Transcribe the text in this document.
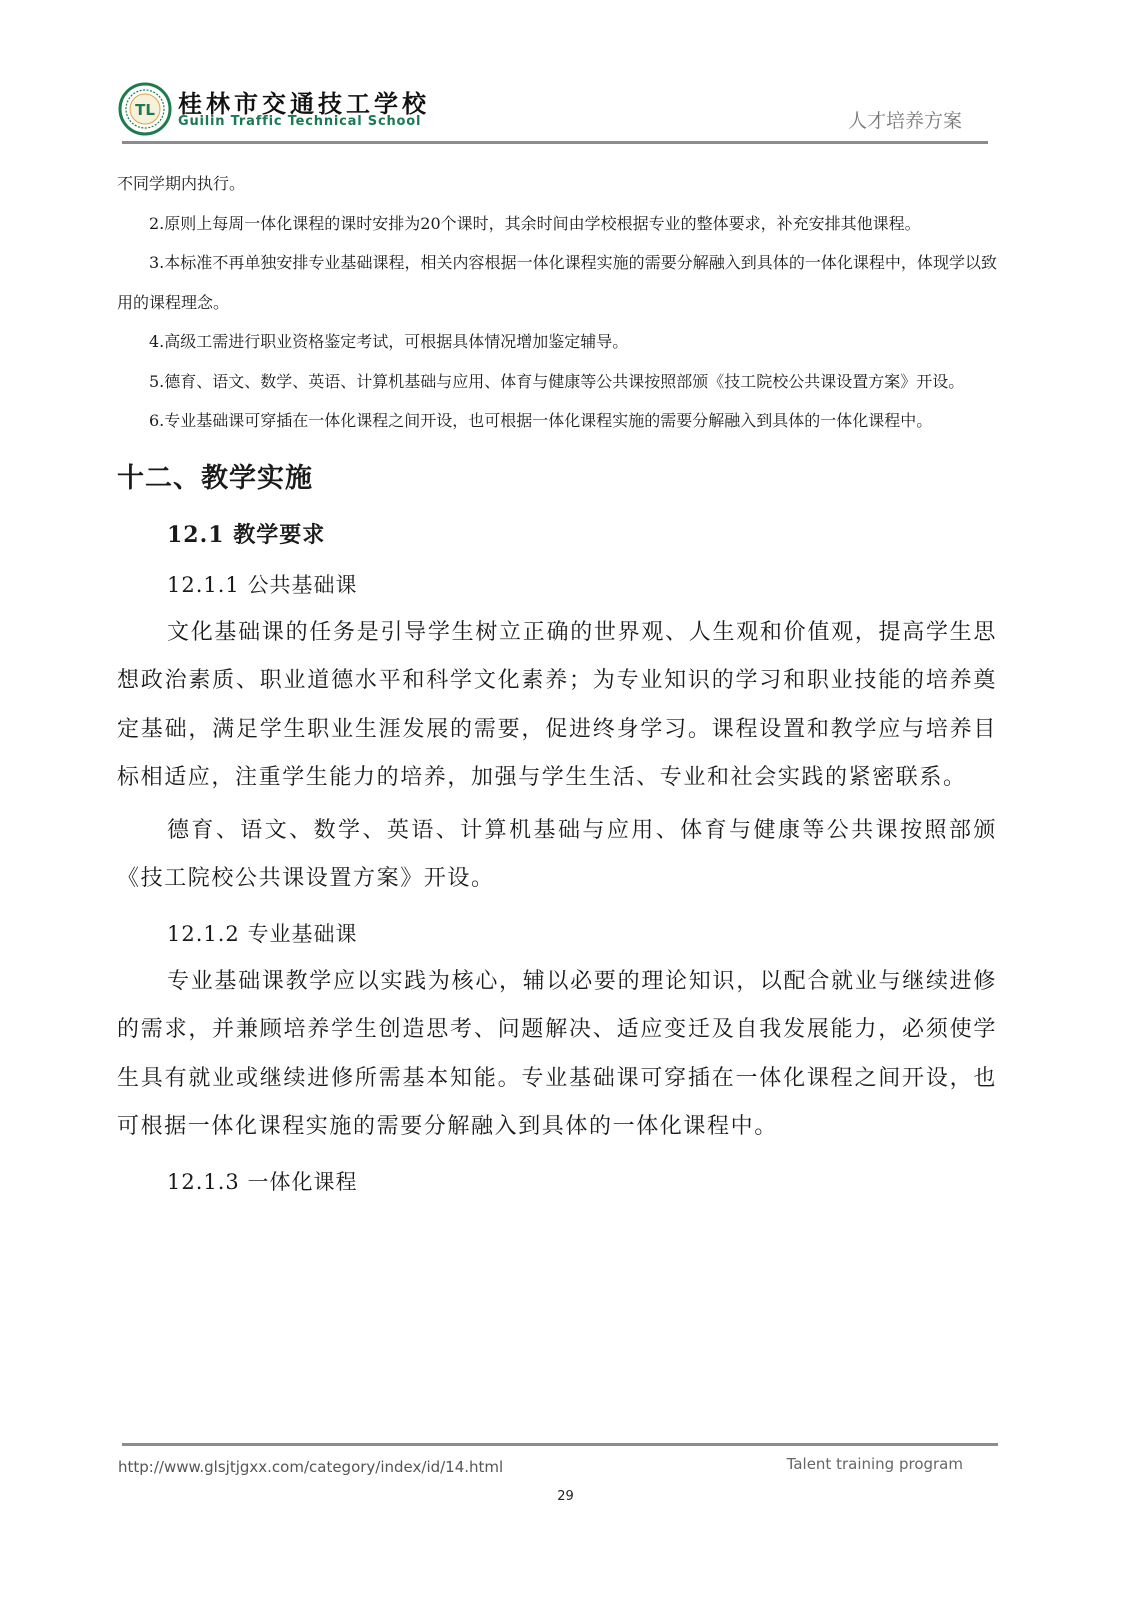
TL 桂林市交通技工学校
Guilin Traffic Technical School	人才培养方案

不同学期内执行。

2.原则上每周一体化课程的课时安排为20个课时，其余时间由学校根据专业的整体要求，补充安排其他课程。

3.本标准不再单独安排专业基础课程，相关内容根据一体化课程实施的需要分解融入到具体的一体化课程中，体现学以致用的课程理念。

4.高级工需进行职业资格鉴定考试，可根据具体情况增加鉴定辅导。

5.德育、语文、数学、英语、计算机基础与应用、体育与健康等公共课按照部颁《技工院校公共课设置方案》开设。

6.专业基础课可穿插在一体化课程之间开设，也可根据一体化课程实施的需要分解融入到具体的一体化课程中。

十二、教学实施
12.1 教学要求
12.1.1 公共基础课

文化基础课的任务是引导学生树立正确的世界观、人生观和价值观，提高学生思想政治素质、职业道德水平和科学文化素养；为专业知识的学习和职业技能的培养奠定基础，满足学生职业生涯发展的需要，促进终身学习。课程设置和教学应与培养目标相适应，注重学生能力的培养，加强与学生生活、专业和社会实践的紧密联系。

德育、语文、数学、英语、计算机基础与应用、体育与健康等公共课按照部颁《技工院校公共课设置方案》开设。

12.1.2 专业基础课

专业基础课教学应以实践为核心，辅以必要的理论知识，以配合就业与继续进修的需求，并兼顾培养学生创造思考、问题解决、适应变迁及自我发展能力，必须使学生具有就业或继续进修所需基本知能。专业基础课可穿插在一体化课程之间开设，也可根据一体化课程实施的需要分解融入到具体的一体化课程中。

12.1.3 一体化课程
http://www.glsjtjgxx.com/category/index/id/14.html	Talent training program
29
